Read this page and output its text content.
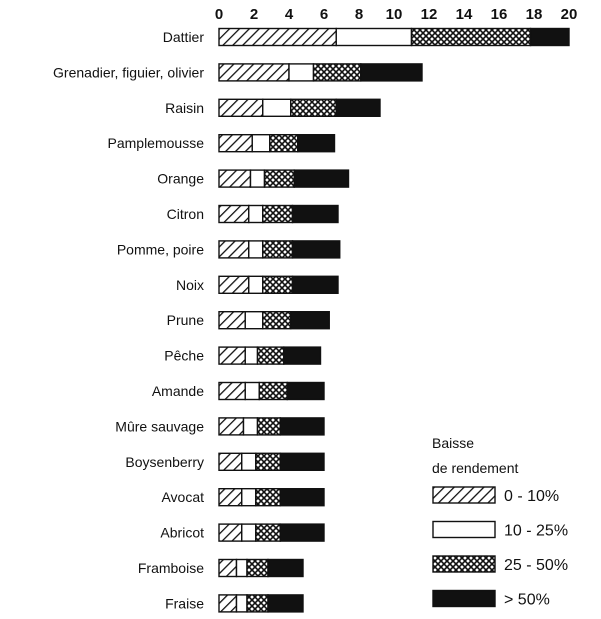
0 2 4 6 8 10 12 14 16 18 20
Dattier
Grenadier, figuier, olivier
Raisin
Pamplemousse
Orange
Citron
Pomme, poire
Noix
Prune
Pêche
Amande
Mûre sauvage
Boysenberry
Avocat
Abricot
Framboise
Fraise
Baisse
de rendement
0 - 10%
10 - 25%
25 - 50%
> 50%
